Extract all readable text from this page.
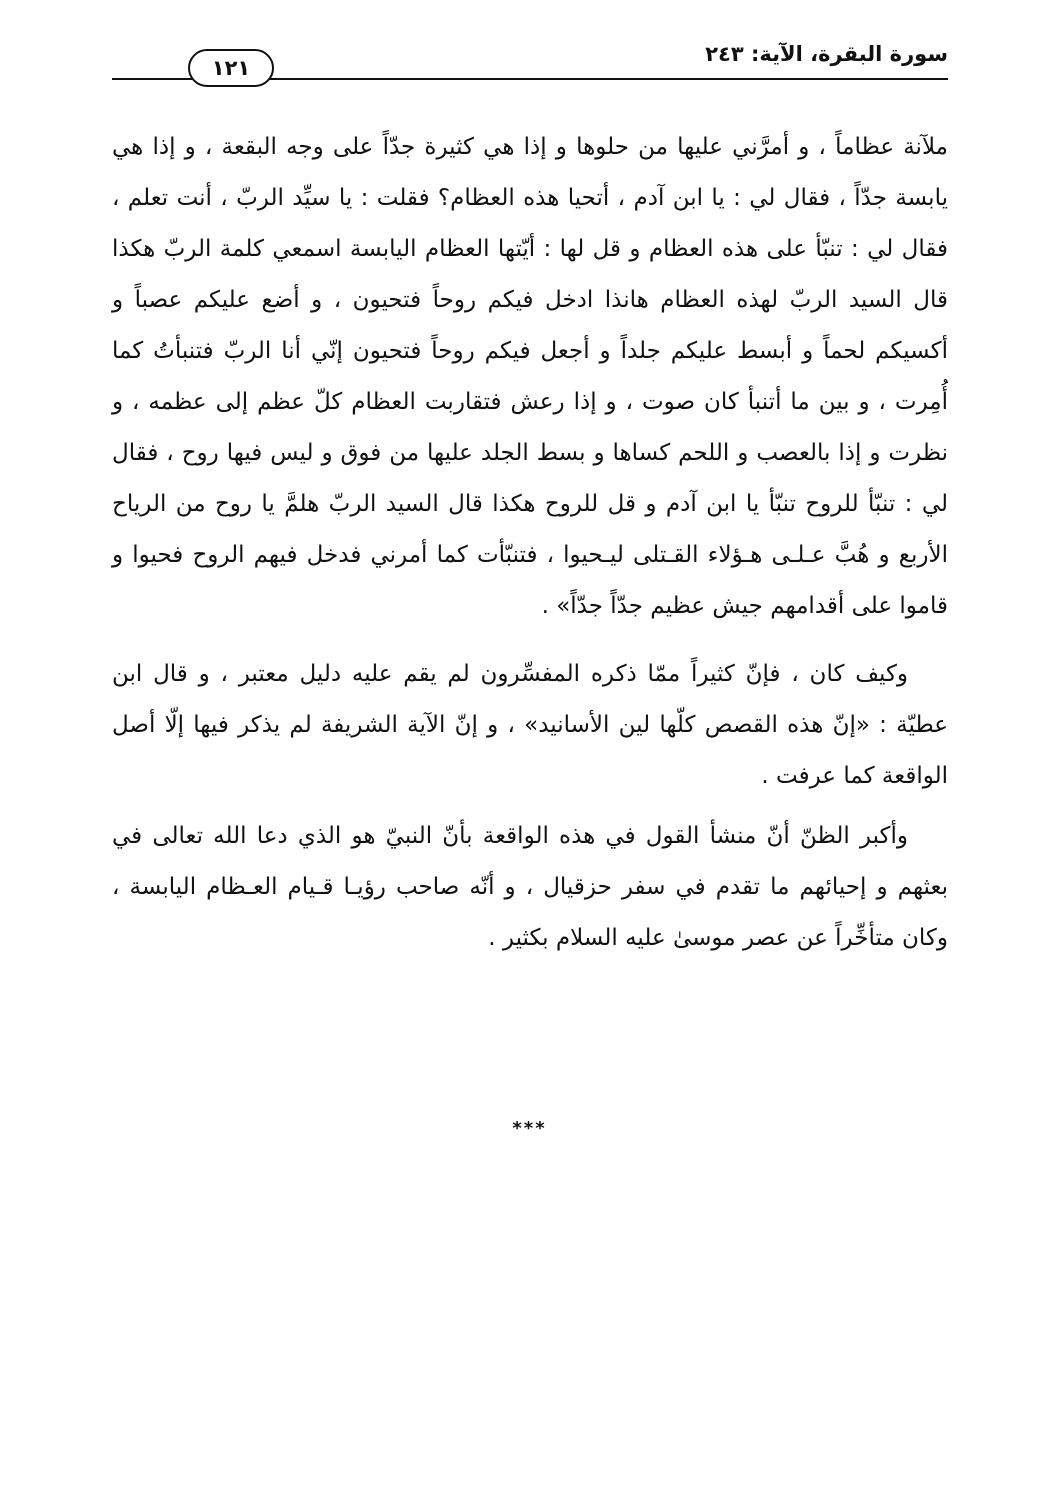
سورة البقرة، الآية: ٢٤٣
١٢١

ملآنة عظاماً ، و أمرَّني عليها من حلوها و إذا هي كثيرة جدّاً على وجه البقعة ، و إذا هي يابسة جدّاً ، فقال لي : يا ابن آدم ، أتحيا هذه العظام؟ فقلت : يا سيِّد الربّ ، أنت تعلم ، فقال لي : تنبّأ على هذه العظام و قل لها : أيّتها العظام اليابسة اسمعي كلمة الربّ هكذا قال السيد الربّ لهذه العظام هانذا ادخل فيكم روحاً فتحيون ، و أضع عليكم عصباً و أكسيكم لحماً و أبسط عليكم جلداً و أجعل فيكم روحاً فتحيون إنّي أنا الربّ فتنبأتُ كما أُمِرت ، و بين ما أتنبأ كان صوت ، و إذا رعش فتقاربت العظام كلّ عظم إلى عظمه ، و نظرت و إذا بالعصب و اللحم كساها و بسط الجلد عليها من فوق و ليس فيها روح ، فقال لي : تنبّأ للروح تنبّأ يا ابن آدم و قل للروح هكذا قال السيد الربّ هلمَّ يا روح من الرياح الأربع و هُبَّ عـلـى هـؤلاء القـتلى ليـحيوا ، فتنبّأت كما أمرني فدخل فيهم الروح فحيوا و قاموا على أقدامهم جيش عظيم جدّاً جدّاً» .

وكيف كان ، فإنّ كثيراً ممّا ذكره المفسِّرون لم يقم عليه دليل معتبر ، و قال ابن عطيّة : «إنّ هذه القصص كلّها لين الأسانيد» ، و إنّ الآية الشريفة لم يذكر فيها إلّا أصل الواقعة كما عرفت .

وأكبر الظنّ أنّ منشأ القول في هذه الواقعة بأنّ النبيّ هو الذي دعا الله تعالى في بعثهم و إحيائهم ما تقدم في سفر حزقيال ، و أنّه صاحب رؤيـا قـيام العـظام اليابسة ، وكان متأخِّراً عن عصر موسىٰ عليه السلام بكثير .

***
